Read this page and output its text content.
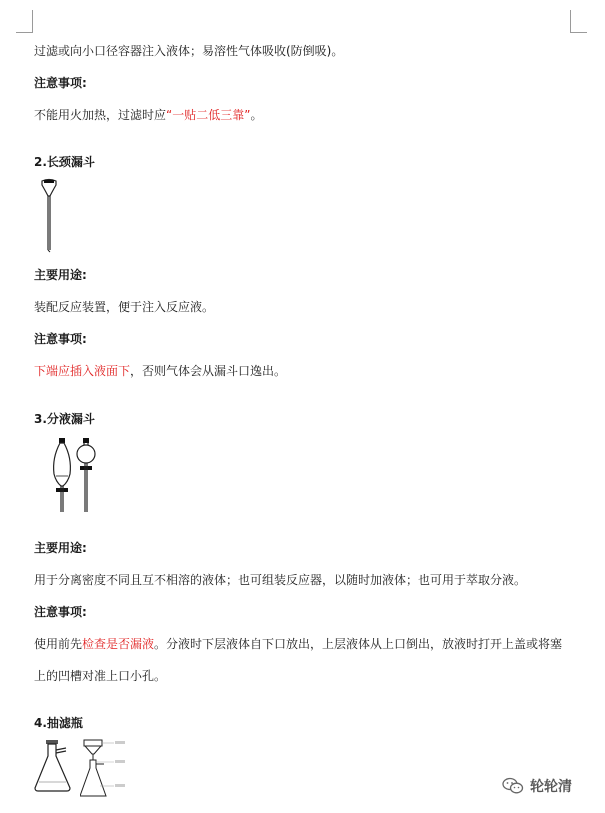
过滤或向小口径容器注入液体；易溶性气体吸收(防倒吸)。
注意事项:
不能用火加热，过滤时应“一贴二低三靠”。
2.长颈漏斗
主要用途:
装配反应装置，便于注入反应液。
注意事项:
下端应插入液面下，否则气体会从漏斗口逸出。
3.分液漏斗
主要用途:
用于分离密度不同且互不相溶的液体；也可组装反应器，以随时加液体；也可用于萃取分液。
注意事项:
使用前先检查是否漏液。分液时下层液体自下口放出，上层液体从上口倒出，放液时打开上盖或将塞
上的凹槽对准上口小孔。
4.抽滤瓶
轮轮清
